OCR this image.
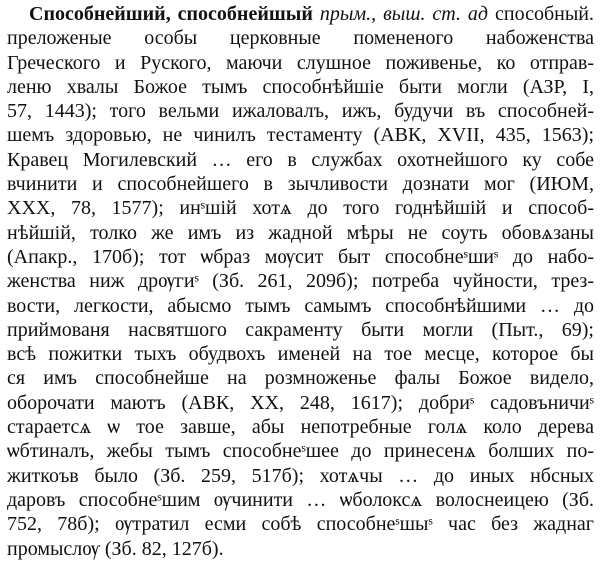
Способнейший, способнейшый прым., выш. ст. ад способный.
преложеные особы церковные помененого набоженства
Греческого и Руского, маючи слушное поживенье, ко отправ-
леню хвалы Божое тымъ способнѣйшіе быти могли (АЗР, I,
57, 1443); того вельми ижаловалъ, ижъ, будучи въ способней-
шемъ здоровью, не чинилъ тестаменту (АВК, XVII, 435, 1563);
Кравец Могилевский … его в службах охотнейшого ку собе
вчинити и способнейшего в зычливости дознати мог (ИЮМ,
XXX, 78, 1577); инˢшій хотѧ до того годнѣйшій и способ-
нѣйшій, толко же имъ из жадной мѣры не соуть обовѧзаны
(Апакр., 170б); тот ѡбраз мѹсит быт способнеˢшиˢ до набо-
женства ниж дрѹгиˢ (Зб. 261, 209б); потреба чуйности, трез-
вости, легкости, абысмо тымъ самымъ способнѣйшими … до
приймованя насвятшого сакраменту быти могли (Пыт., 69);
всѣ пожитки тыхъ обудвохъ именей на тое месце, которое бы
ся имъ способнейше на розмноженье фалы Божое видело,
оборочати маютъ (АВК, XX, 248, 1617); добриˢ садовъничиˢ
стараетсѧ ѡ тое завше, абы непотребные голѧ коло дерева
ѡбтиналъ, жебы тымъ способнеˢшее до принесенѧ болших по-
житкоъв было (Зб. 259, 517б); хотѧчы … до иных нбсных
даровъ способнеˢшим ѹчинити … ѡболоксѧ волоснеицею (Зб.
752, 78б); ѹтратил есми собѣ способнеˢшыˢ час без жаднаг
промыслѹ (Зб. 82, 127б).
